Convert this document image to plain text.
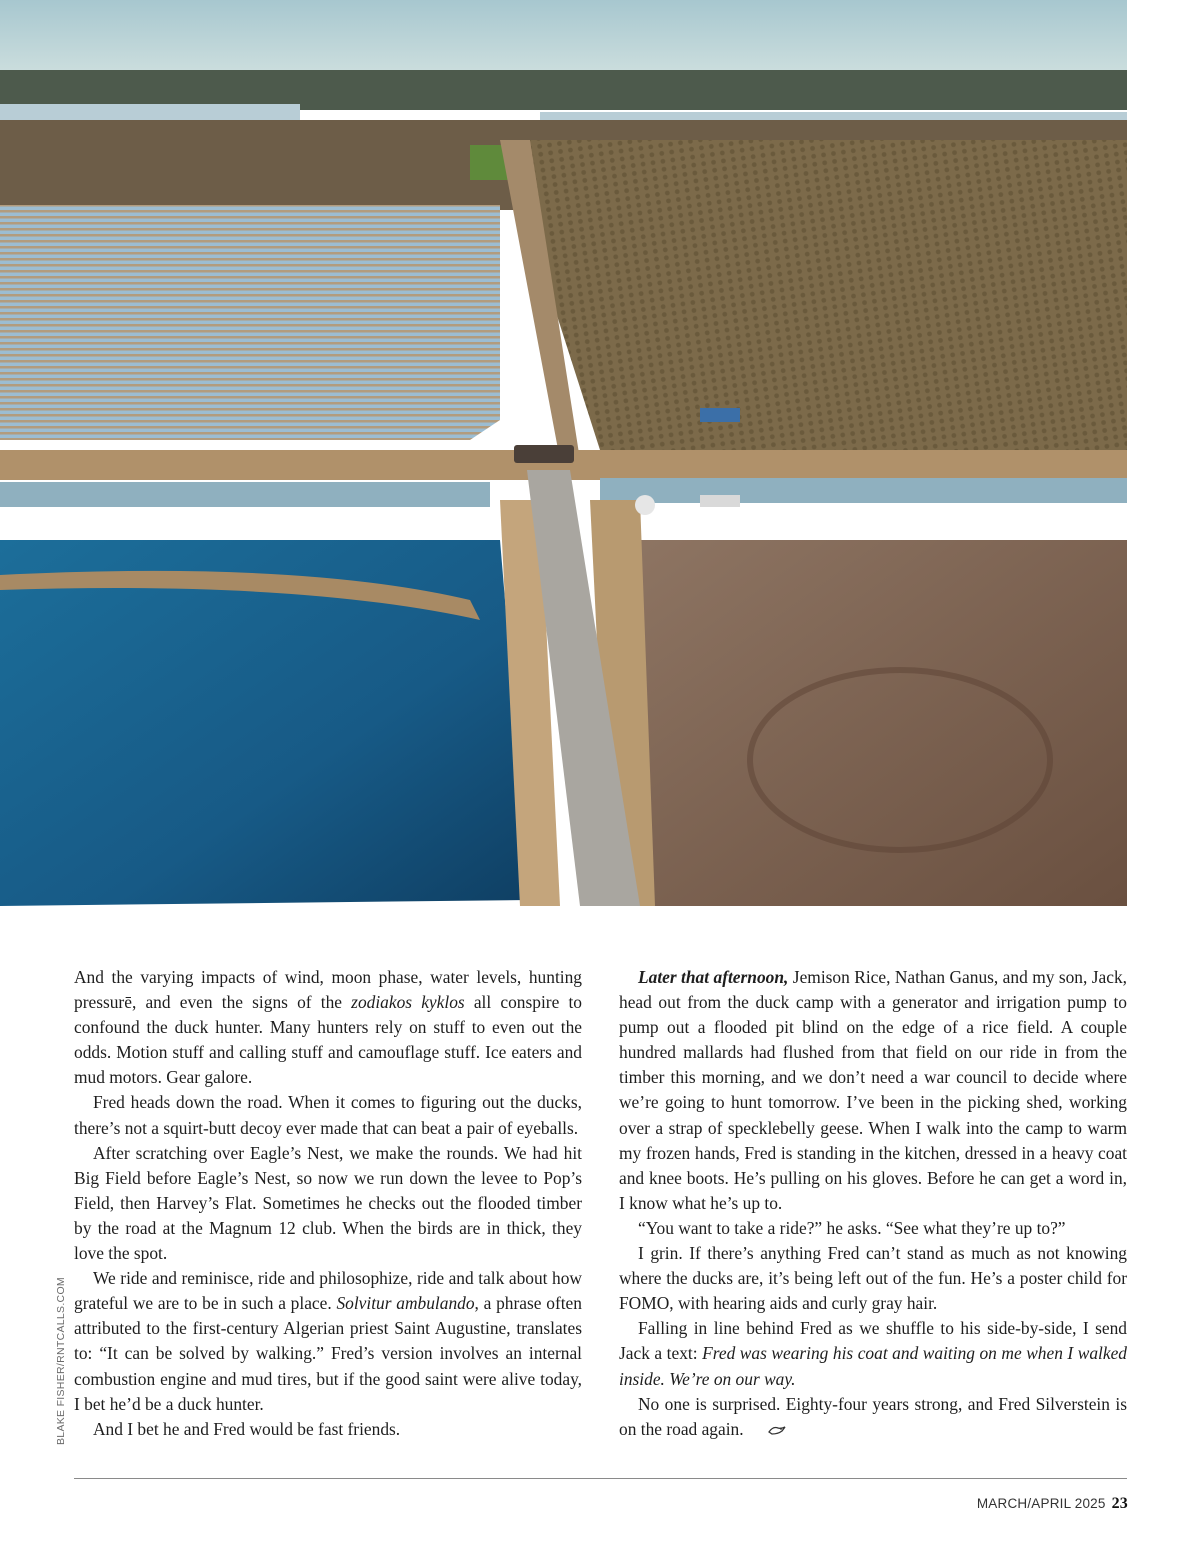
BLAKE FISHER/RNTCALLS.COM

And the varying impacts of wind, moon phase, water levels, hunting pressurē, and even the signs of the zodiakos kyklos all conspire to confound the duck hunter. Many hunters rely on stuff to even out the odds. Motion stuff and calling stuff and camouflage stuff. Ice eaters and mud motors. Gear galore.

Fred heads down the road. When it comes to figuring out the ducks, there’s not a squirt-butt decoy ever made that can beat a pair of eyeballs.

After scratching over Eagle’s Nest, we make the rounds. We had hit Big Field before Eagle’s Nest, so now we run down the levee to Pop’s Field, then Harvey’s Flat. Sometimes he checks out the flooded timber by the road at the Magnum 12 club. When the birds are in thick, they love the spot.

We ride and reminisce, ride and philosophize, ride and talk about how grateful we are to be in such a place. Solvitur ambulando, a phrase often attributed to the first-century Algerian priest Saint Augustine, translates to: “It can be solved by walking.” Fred’s version involves an internal combustion engine and mud tires, but if the good saint were alive today, I bet he’d be a duck hunter.

And I bet he and Fred would be fast friends.

Later that afternoon, Jemison Rice, Nathan Ganus, and my son, Jack, head out from the duck camp with a generator and irrigation pump to pump out a flooded pit blind on the edge of a rice field. A couple hundred mallards had flushed from that field on our ride in from the timber this morning, and we don’t need a war council to decide where we’re going to hunt tomorrow. I’ve been in the picking shed, working over a strap of specklebelly geese. When I walk into the camp to warm my frozen hands, Fred is standing in the kitchen, dressed in a heavy coat and knee boots. He’s pulling on his gloves. Before he can get a word in, I know what he’s up to.

“You want to take a ride?” he asks. “See what they’re up to?”

I grin. If there’s anything Fred can’t stand as much as not knowing where the ducks are, it’s being left out of the fun. He’s a poster child for FOMO, with hearing aids and curly gray hair.

Falling in line behind Fred as we shuffle to his side-by-side, I send Jack a text: Fred was wearing his coat and waiting on me when I walked inside. We’re on our way.

No one is surprised. Eighty-four years strong, and Fred Silverstein is on the road again.

MARCH/APRIL 2025 23
